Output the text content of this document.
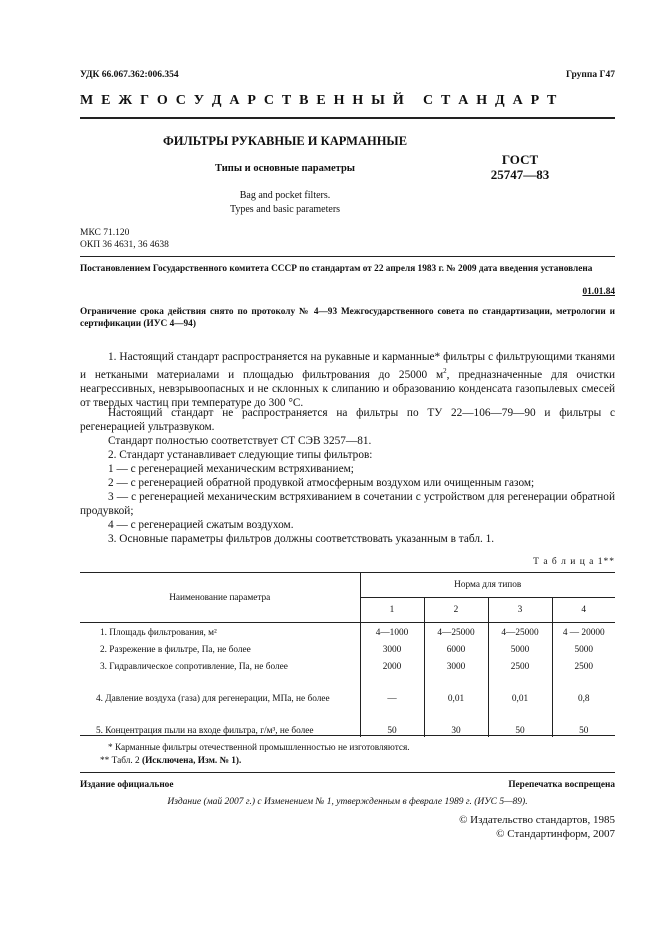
УДК 66.067.362:006.354	Группа Г47
М Е Ж Г О С У Д А Р С Т В Е Н Н Ы Й   С Т А Н Д А Р Т
ФИЛЬТРЫ РУКАВНЫЕ И КАРМАННЫЕ
Типы и основные параметры
ГОСТ
25747—83
Bag and pocket filters.
Types and basic parameters
МКС 71.120
ОКП 36 4631, 36 4638
Постановлением Государственного комитета СССР по стандартам от 22 апреля 1983 г. № 2009 дата введения установлена
01.01.84
Ограничение срока действия снято по протоколу № 4—93 Межгосударственного совета по стандартизации, метрологии и сертификации (ИУС 4—94)
1. Настоящий стандарт распространяется на рукавные и карманные* фильтры с фильтрующими тканями и неткаными материалами и площадью фильтрования до 25000 $м^2$, предназначенные для очистки неагрессивных, невзрывоопасных и не склонных к слипанию и образованию конденсата газопылевых смесей от твердых частиц при температуре до 300 °С.
Настоящий стандарт не распространяется на фильтры по ТУ 22—106—79—90 и фильтры с регенерацией ультразвуком.
Стандарт полностью соответствует СТ СЭВ 3257—81.
2. Стандарт устанавливает следующие типы фильтров:
1 — с регенерацией механическим встряхиванием;
2 — с регенерацией обратной продувкой атмосферным воздухом или очищенным газом;
3 — с регенерацией механическим встряхиванием в сочетании с устройством для регенерации обратной продувкой;
4 — с регенерацией сжатым воздухом.
3. Основные параметры фильтров должны соответствовать указанным в табл. 1.
Т а б л и ц а 1**
Наименование параметра	Норма для типов			
	1	2	3	4
1. Площадь фильтрования, м²	4—1000	4—25000	4—25000	4 — 20000
2. Разрежение в фильтре, Па, не более	3000	6000	5000	5000
3. Гидравлическое сопротивление, Па, не более	2000	3000	2500	2500
4. Давление воздуха (газа) для регенерации, МПа, не более	—	0,01	0,01	0,8
5. Концентрация пыли на входе фильтра, г/м³, не более	50	30	50	50
* Карманные фильтры отечественной промышленностью не изготовляются.
** Табл. 2 (Исключена, Изм. № 1).
Издание официальное	Перепечатка воспрещена
Издание (май 2007 г.) с Изменением № 1, утвержденным в феврале 1989 г. (ИУС 5—89).
© Издательство стандартов, 1985
© Стандартинформ, 2007
